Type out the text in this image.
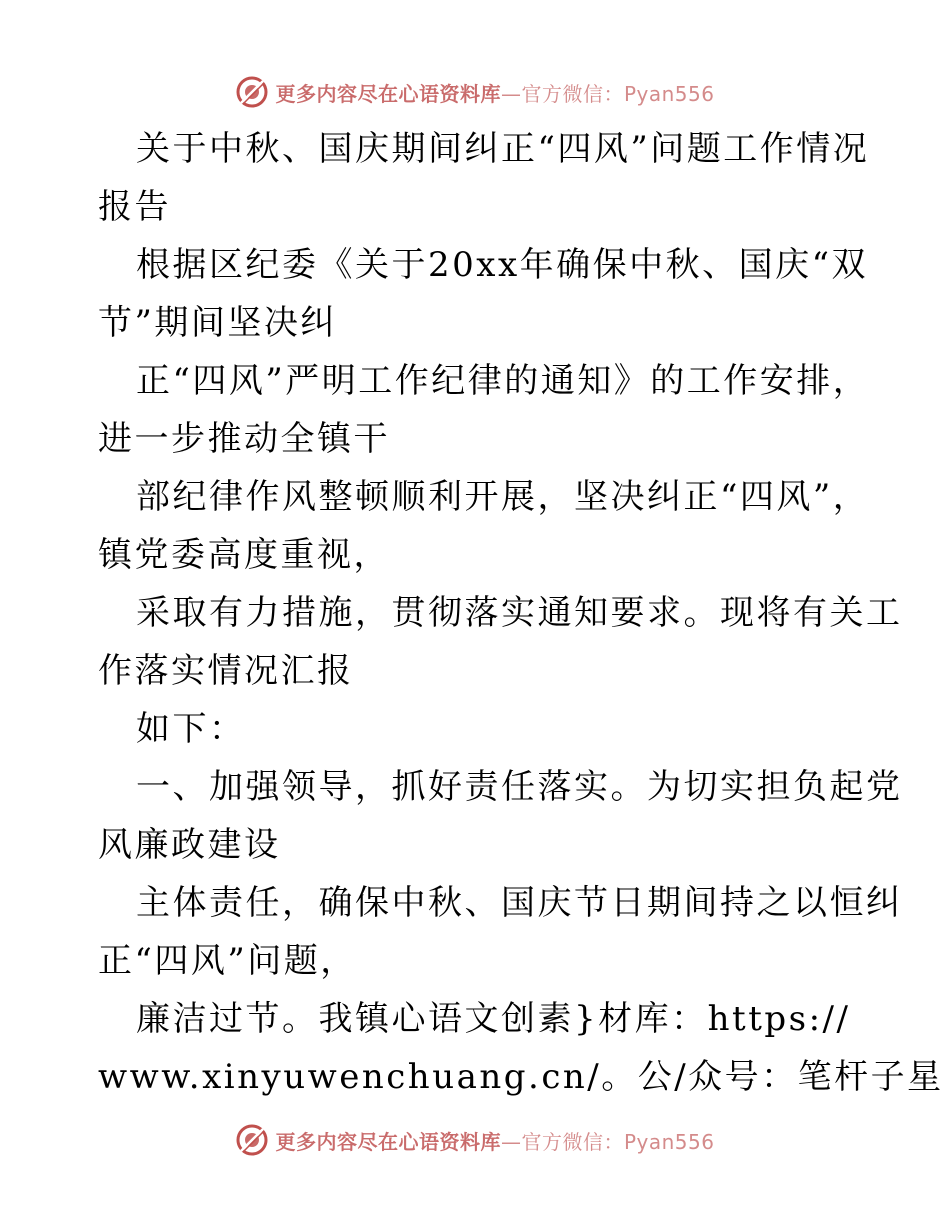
更多内容尽在心语资料库—官方微信：Pyan556
关于中秋、国庆期间纠正“四风”问题工作情况
报告
根据区纪委《关于20xx年确保中秋、国庆“双
节”期间坚决纠
正“四风”严明工作纪律的通知》的工作安排，
进一步推动全镇干
部纪律作风整顿顺利开展，坚决纠正“四风”，
镇党委高度重视，
采取有力措施，贯彻落实通知要求。现将有关工
作落实情况汇报
如下：
一、加强领导，抓好责任落实。为切实担负起党
风廉政建设
主体责任，确保中秋、国庆节日期间持之以恒纠
正“四风”问题，
廉洁过节。我镇心语文创素}材库：https://
www.xinyuwenchuang.cn/。公/众号：笔杆子星
更多内容尽在心语资料库—官方微信：Pyan556
